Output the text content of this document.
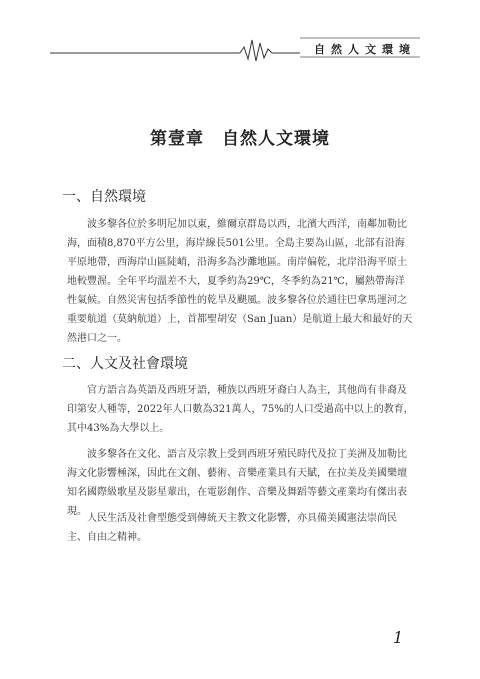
自然人文環境
第壹章　自然人文環境
一、自然環境

波多黎各位於多明尼加以東，維爾京群島以西，北濱大西洋，南鄰加勒比海，面積8,870平方公里，海岸線長501公里。全島主要為山區，北部有沿海平原地帶，西海岸山區陡峭，沿海多為沙灘地區。南岸偏乾，北岸沿海平原土地較豐渥。全年平均溫差不大，夏季約為29℃，冬季約為21℃，屬熱帶海洋性氣候。自然災害包括季節性的乾旱及颶風。波多黎各位於通往巴拿馬運河之重要航道（莫納航道）上，首都聖胡安（San Juan）是航道上最大和最好的天然港口之一。

二、人文及社會環境

官方語言為英語及西班牙語，種族以西班牙裔白人為主，其他尚有非裔及印第安人種等，2022年人口數為321萬人，75%的人口受過高中以上的教育，其中43%為大學以上。

波多黎各在文化、語言及宗教上受到西班牙殖民時代及拉丁美洲及加勒比海文化影響極深，因此在文創、藝術、音樂產業具有天賦，在拉美及美國樂壇知名國際級歌星及影星輩出，在電影創作、音樂及舞蹈等藝文產業均有傑出表現。

人民生活及社會型態受到傳統天主教文化影響，亦具備美國憲法崇尚民主、自由之精神。

1
